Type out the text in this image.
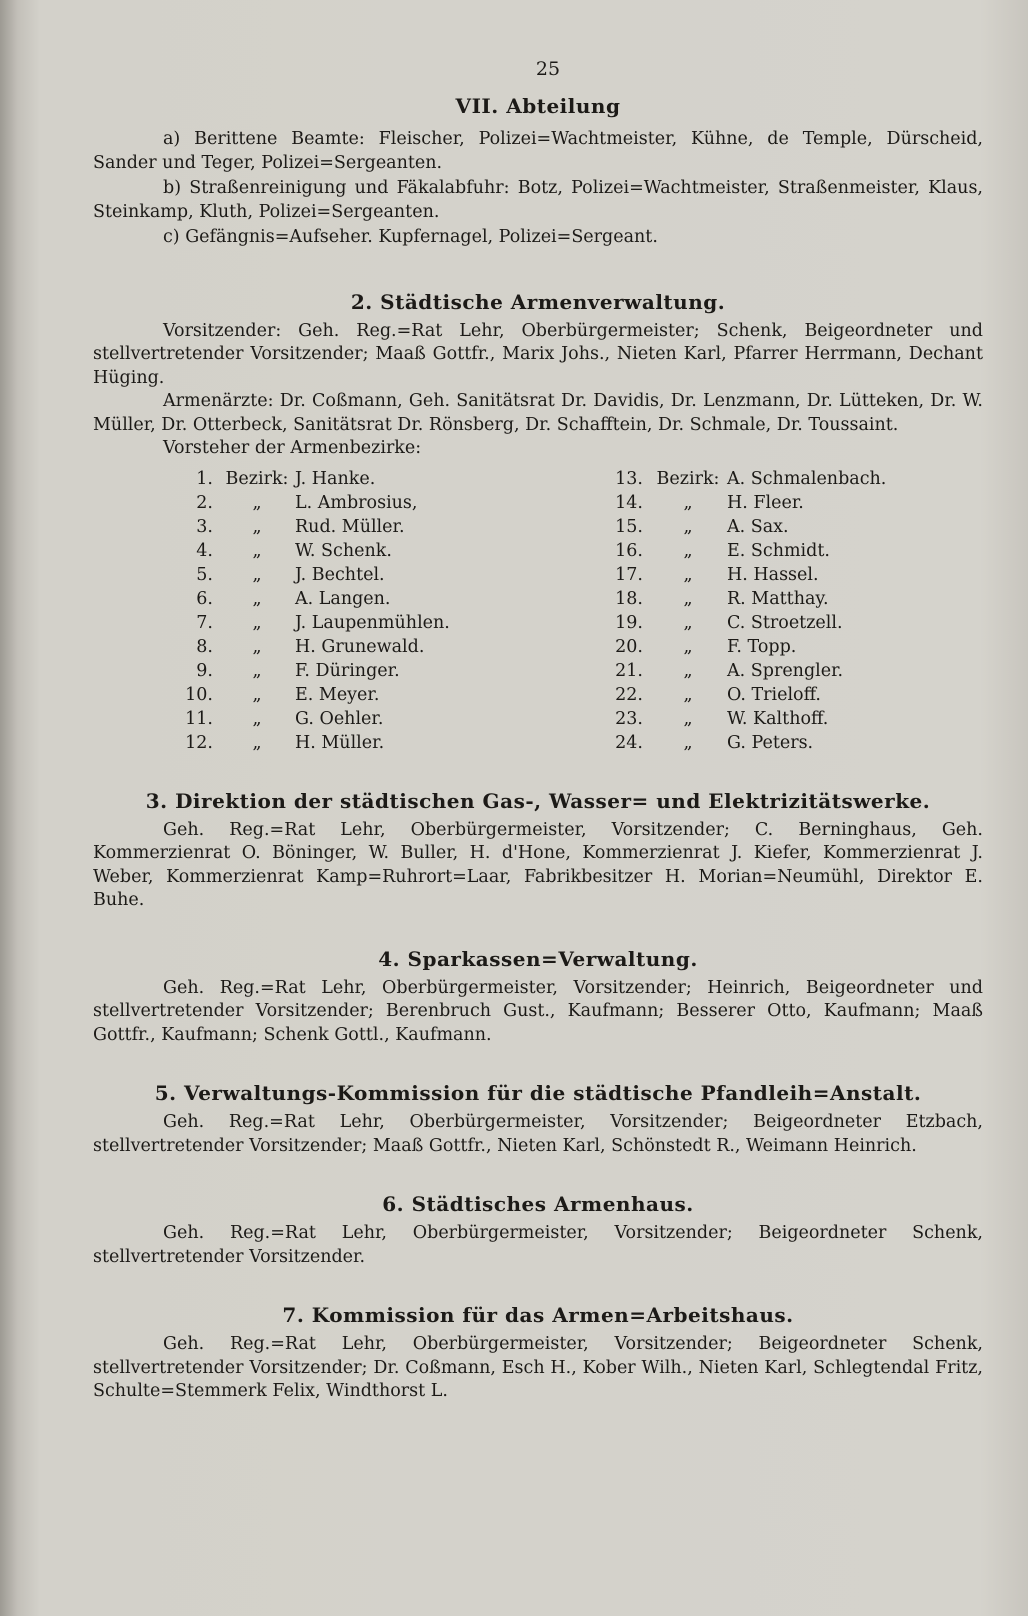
25
VII. Abteilung

a) Berittene Beamte: Fleischer, Polizei=Wachtmeister, Kühne, de Temple, Dürscheid, Sander und Teger, Polizei=Sergeanten.

b) Straßenreinigung und Fäkalabfuhr: Botz, Polizei=Wachtmeister, Straßenmeister, Klaus, Steinkamp, Kluth, Polizei=Sergeanten.

c) Gefängnis=Aufseher. Kupfernagel, Polizei=Sergeant.

2. Städtische Armenverwaltung.

Vorsitzender: Geh. Reg.=Rat Lehr, Oberbürgermeister; Schenk, Beigeordneter und stellvertretender Vorsitzender; Maaß Gottfr., Marix Johs., Nieten Karl, Pfarrer Herrmann, Dechant Hüging.

Armenärzte: Dr. Coßmann, Geh. Sanitätsrat Dr. Davidis, Dr. Lenzmann, Dr. Lütteken, Dr. W. Müller, Dr. Otterbeck, Sanitätsrat Dr. Rönsberg, Dr. Schafftein, Dr. Schmale, Dr. Toussaint.

Vorsteher der Armenbezirke:

1.	Bezirk:	J. Hanke.		13.	Bezirk:	A. Schmalenbach.
2.	„	L. Ambrosius,		14.	„	H. Fleer.
3.	„	Rud. Müller.		15.	„	A. Sax.
4.	„	W. Schenk.		16.	„	E. Schmidt.
5.	„	J. Bechtel.		17.	„	H. Hassel.
6.	„	A. Langen.		18.	„	R. Matthay.
7.	„	J. Laupenmühlen.		19.	„	C. Stroetzell.
8.	„	H. Grunewald.		20.	„	F. Topp.
9.	„	F. Düringer.		21.	„	A. Sprengler.
10.	„	E. Meyer.		22.	„	O. Trieloff.
11.	„	G. Oehler.		23.	„	W. Kalthoff.
12.	„	H. Müller.		24.	„	G. Peters.
3. Direktion der städtischen Gas-, Wasser= und Elektrizitätswerke.

Geh. Reg.=Rat Lehr, Oberbürgermeister, Vorsitzender; C. Berninghaus, Geh. Kommerzienrat O. Böninger, W. Buller, H. d'Hone, Kommerzienrat J. Kiefer, Kommerzienrat J. Weber, Kommerzienrat Kamp=Ruhrort=Laar, Fabrikbesitzer H. Morian=Neumühl, Direktor E. Buhe.

4. Sparkassen=Verwaltung.

Geh. Reg.=Rat Lehr, Oberbürgermeister, Vorsitzender; Heinrich, Beigeordneter und stellvertretender Vorsitzender; Berenbruch Gust., Kaufmann; Besserer Otto, Kaufmann; Maaß Gottfr., Kaufmann; Schenk Gottl., Kaufmann.

5. Verwaltungs-Kommission für die städtische Pfandleih=Anstalt.

Geh. Reg.=Rat Lehr, Oberbürgermeister, Vorsitzender; Beigeordneter Etzbach, stellvertretender Vorsitzender; Maaß Gottfr., Nieten Karl, Schönstedt R., Weimann Heinrich.

6. Städtisches Armenhaus.

Geh. Reg.=Rat Lehr, Oberbürgermeister, Vorsitzender; Beigeordneter Schenk, stellvertretender Vorsitzender.

7. Kommission für das Armen=Arbeitshaus.

Geh. Reg.=Rat Lehr, Oberbürgermeister, Vorsitzender; Beigeordneter Schenk, stellvertretender Vorsitzender; Dr. Coßmann, Esch H., Kober Wilh., Nieten Karl, Schlegtendal Fritz, Schulte=Stemmerk Felix, Windthorst L.
